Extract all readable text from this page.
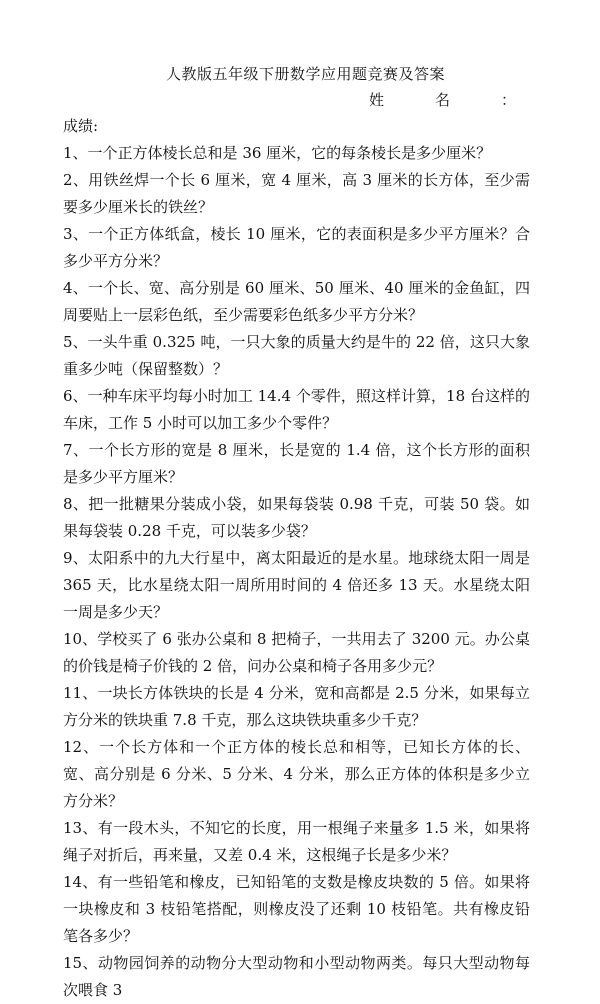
人教版五年级下册数学应用题竞赛及答案
姓　名　：
成绩:

1、一个正方体棱长总和是 36 厘米，它的每条棱长是多少厘米？

2、用铁丝焊一个长 6 厘米，宽 4 厘米，高 3 厘米的长方体，至少需要多少厘米长的铁丝？

3、一个正方体纸盒，棱长 10 厘米，它的表面积是多少平方厘米？合多少平方分米？

4、一个长、宽、高分别是 60 厘米、50 厘米、40 厘米的金鱼缸，四周要贴上一层彩色纸，至少需要彩色纸多少平方分米？

5、一头牛重 0.325 吨，一只大象的质量大约是牛的 22 倍，这只大象重多少吨（保留整数）？

6、一种车床平均每小时加工 14.4 个零件，照这样计算，18 台这样的车床，工作 5 小时可以加工多少个零件？

7、一个长方形的宽是 8 厘米，长是宽的 1.4 倍，这个长方形的面积是多少平方厘米？

8、把一批糖果分装成小袋，如果每袋装 0.98 千克，可装 50 袋。如果每袋装 0.28 千克，可以装多少袋？

9、太阳系中的九大行星中，离太阳最近的是水星。地球绕太阳一周是 365 天，比水星绕太阳一周所用时间的 4 倍还多 13 天。水星绕太阳一周是多少天？

10、学校买了 6 张办公桌和 8 把椅子，一共用去了 3200 元。办公桌的价钱是椅子价钱的 2 倍，问办公桌和椅子各用多少元？

11、一块长方体铁块的长是 4 分米，宽和高都是 2.5 分米，如果每立方分米的铁块重 7.8 千克，那么这块铁块重多少千克？

12、一个长方体和一个正方体的棱长总和相等，已知长方体的长、宽、高分别是 6 分米、5 分米、4 分米，那么正方体的体积是多少立方分米？

13、有一段木头，不知它的长度，用一根绳子来量多 1.5 米，如果将绳子对折后，再来量，又差 0.4 米，这根绳子长是多少米？

14、有一些铅笔和橡皮，已知铅笔的支数是橡皮块数的 5 倍。如果将一块橡皮和 3 枝铅笔搭配，则橡皮没了还剩 10 枝铅笔。共有橡皮铅笔各多少？

15、动物园饲养的动物分大型动物和小型动物两类。每只大型动物每次喂食 3
